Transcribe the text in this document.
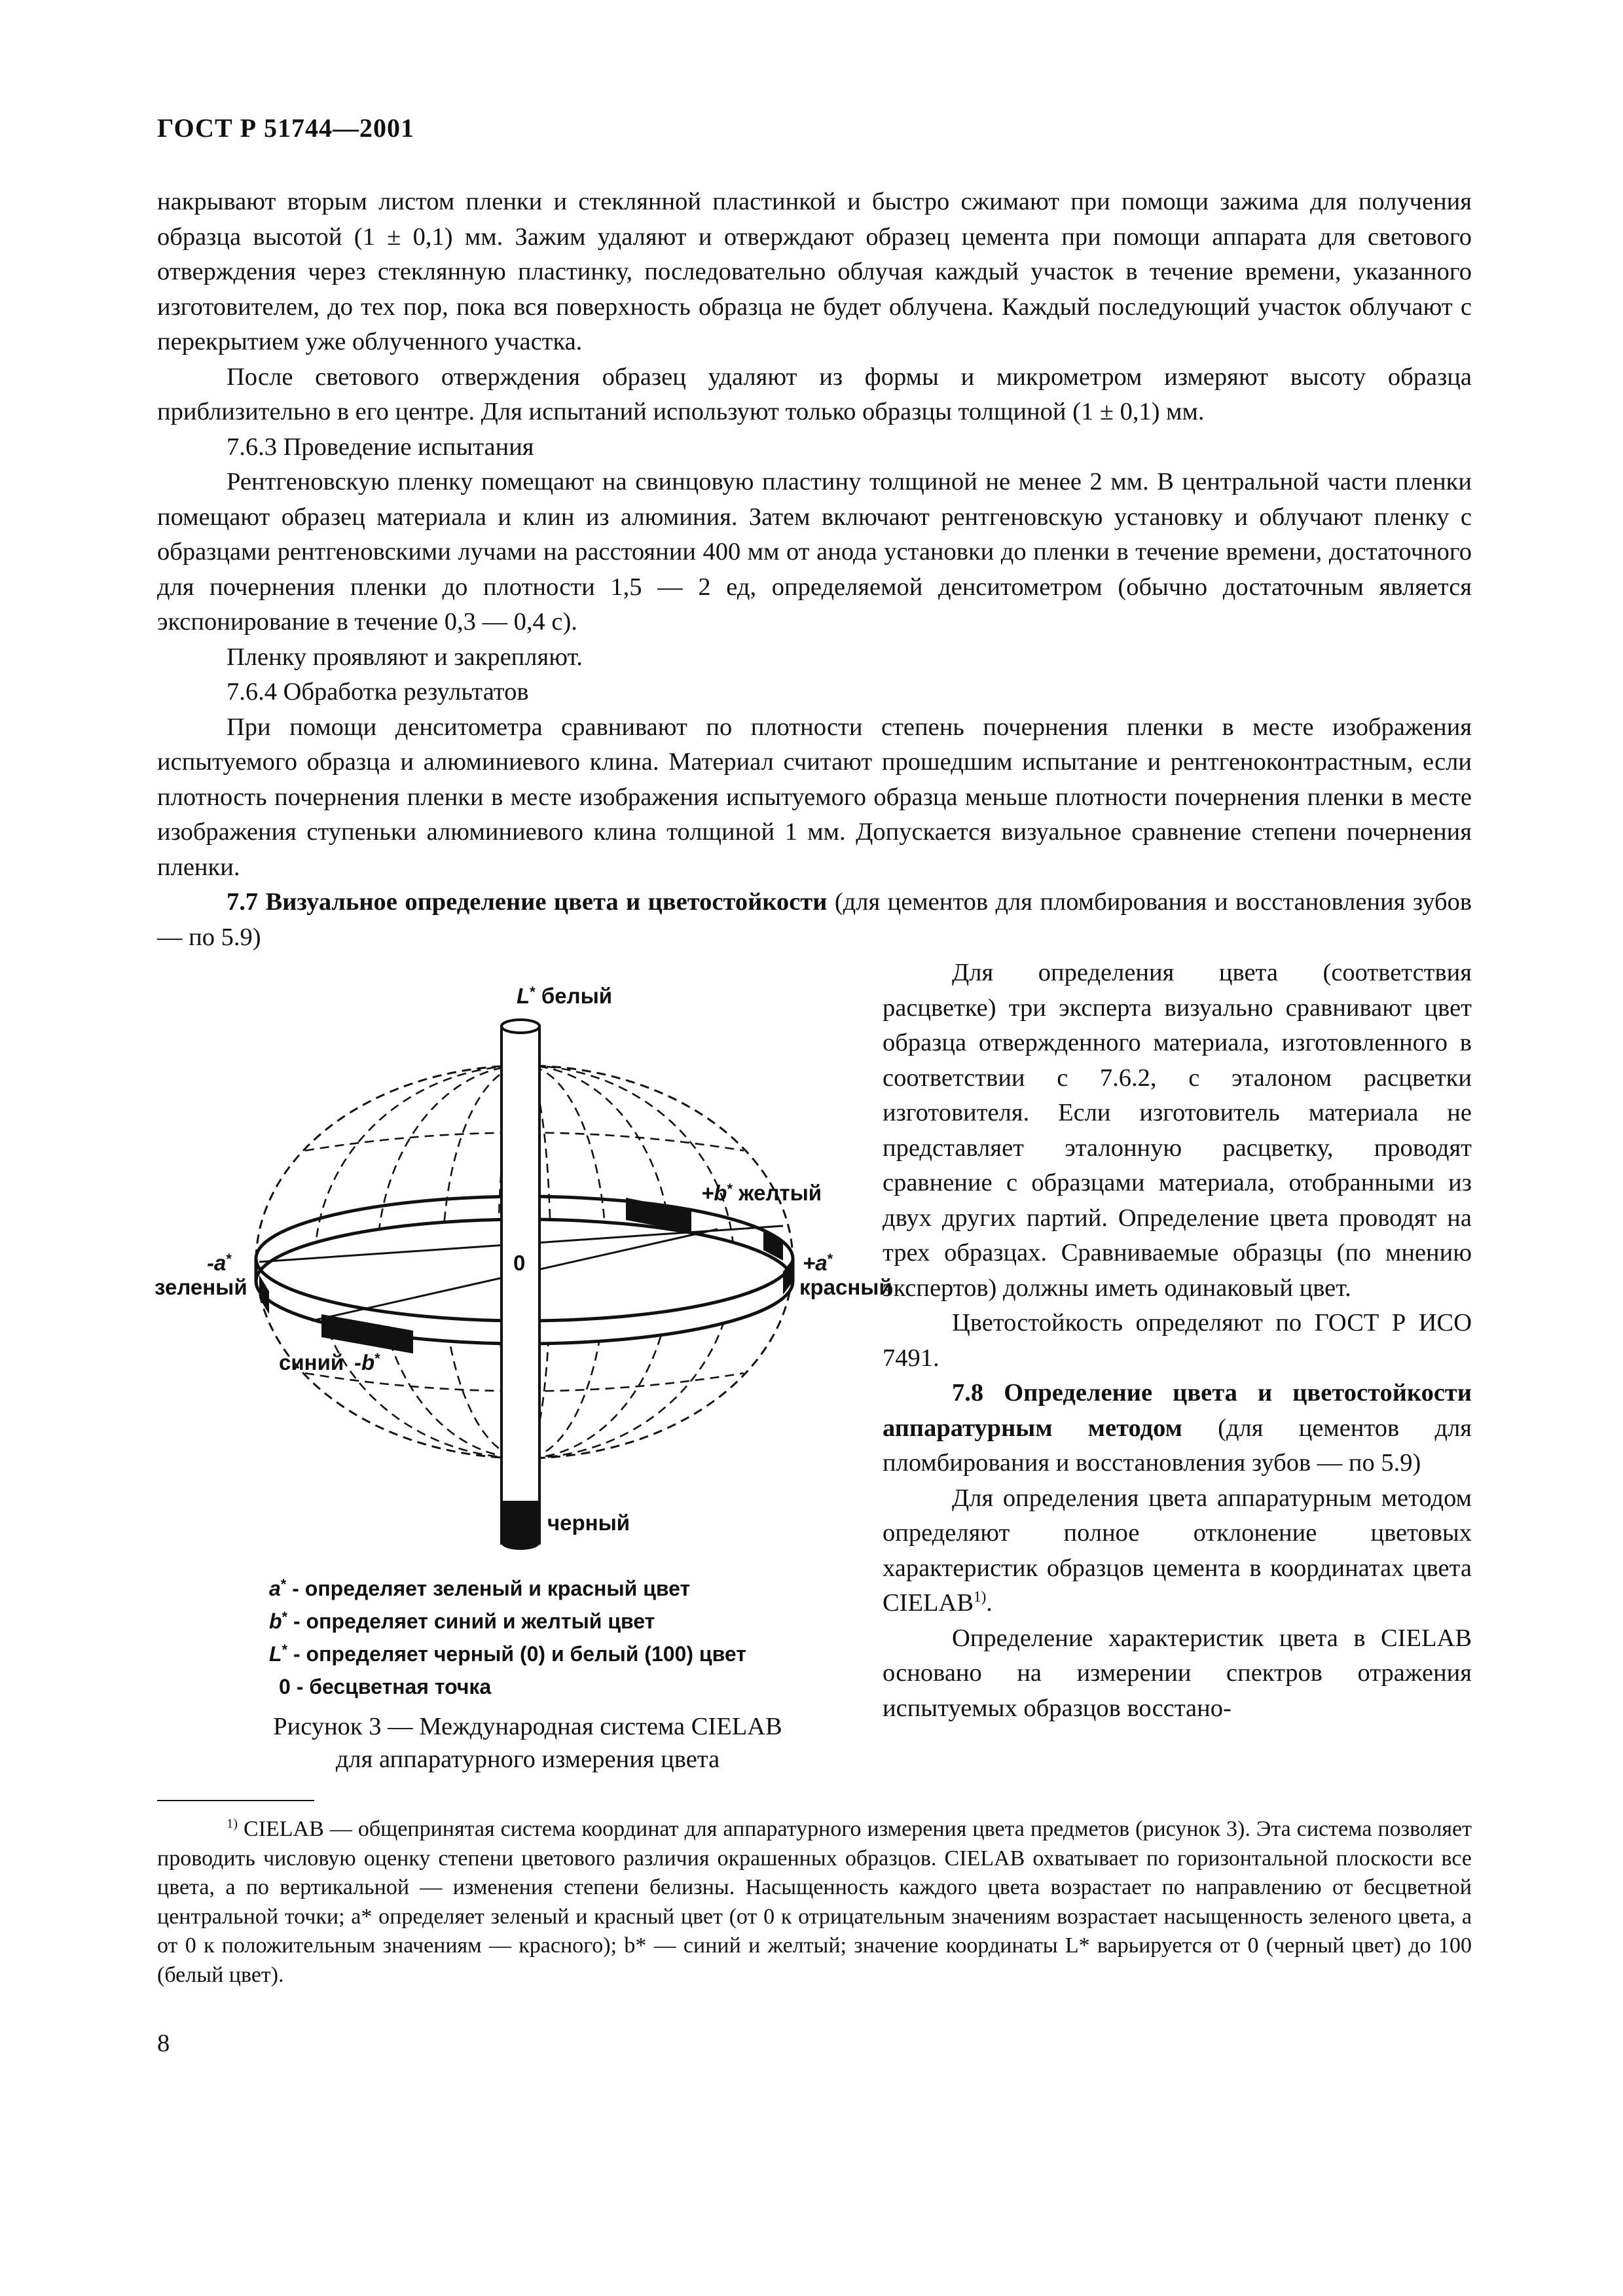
ГОСТ Р 51744—2001

накрывают вторым листом пленки и стеклянной пластинкой и быстро сжимают при помощи зажима для получения образца высотой (1 ± 0,1) мм. Зажим удаляют и отверждают образец цемента при помощи аппарата для светового отверждения через стеклянную пластинку, последовательно облучая каждый участок в течение времени, указанного изготовителем, до тех пор, пока вся поверхность образца не будет облучена. Каждый последующий участок облучают с перекрытием уже облученного участка.

После светового отверждения образец удаляют из формы и микрометром измеряют высоту образца приблизительно в его центре. Для испытаний используют только образцы толщиной (1 ± 0,1) мм.

7.6.3 Проведение испытания

Рентгеновскую пленку помещают на свинцовую пластину толщиной не менее 2 мм. В центральной части пленки помещают образец материала и клин из алюминия. Затем включают рентгеновскую установку и облучают пленку с образцами рентгеновскими лучами на расстоянии 400 мм от анода установки до пленки в течение времени, достаточного для почернения пленки до плотности 1,5 — 2 ед, определяемой денситометром (обычно достаточным является экспонирование в течение 0,3 — 0,4 с).

Пленку проявляют и закрепляют.

7.6.4 Обработка результатов

При помощи денситометра сравнивают по плотности степень почернения пленки в месте изображения испытуемого образца и алюминиевого клина. Материал считают прошедшим испытание и рентгеноконтрастным, если плотность почернения пленки в месте изображения испытуемого образца меньше плотности почернения пленки в месте изображения ступеньки алюминиевого клина толщиной 1 мм. Допускается визуальное сравнение степени почернения пленки.

7.7 Визуальное определение цвета и цветостойкости (для цементов для пломбирования и восстановления зубов — по 5.9)

L* белый
+b* желтый
-a*
зеленый
+a*
красный
синий -b*
0
черный
a* - определяет зеленый и красный цвет
b* - определяет синий и желтый цвет
L* - определяет черный (0) и белый (100) цвет
0 - бесцветная точка
Рисунок 3 — Международная система CIELAB
для аппаратурного измерения цвета

Для определения цвета (соответствия расцветке) три эксперта визуально сравнивают цвет образца отвержденного материала, изготовленного в соответствии с 7.6.2, с эталоном расцветки изготовителя. Если изготовитель материала не представляет эталонную расцветку, проводят сравнение с образцами материала, отобранными из двух других партий. Определение цвета проводят на трех образцах. Сравниваемые образцы (по мнению экспертов) должны иметь одинаковый цвет.

Цветостойкость определяют по ГОСТ Р ИСО 7491.

7.8 Определение цвета и цветостойкости аппаратурным методом (для цементов для пломбирования и восстановления зубов — по 5.9)

Для определения цвета аппаратурным методом определяют полное отклонение цветовых характеристик образцов цемента в координатах цвета CIELAB$^{1)}$.

Определение характеристик цвета в CIELAB основано на измерении спектров отражения испытуемых образцов восстано-

$^{1)}$ CIELAB — общепринятая система координат для аппаратурного измерения цвета предметов (рисунок 3). Эта система позволяет проводить числовую оценку степени цветового различия окрашенных образцов. CIELAB охватывает по горизонтальной плоскости все цвета, а по вертикальной — изменения степени белизны. Насыщенность каждого цвета возрастает по направлению от бесцветной центральной точки; a* определяет зеленый и красный цвет (от 0 к отрицательным значениям возрастает насыщенность зеленого цвета, а от 0 к положительным значениям — красного); b* — синий и желтый; значение координаты L* варьируется от 0 (черный цвет) до 100 (белый цвет).

8
